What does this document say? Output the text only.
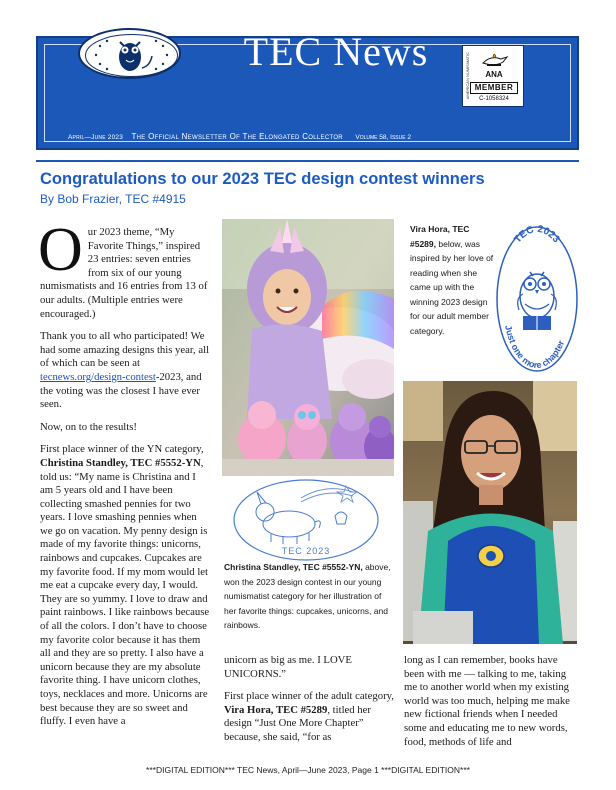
TEC News
AMERICAN NUMISMATIC	ANA
MEMBER
C-1058324
April—June 2023 The Official Newsletter Of The Elongated Collector Volume 58, Issue 2
Congratulations to our 2023 TEC design contest winners
By Bob Frazier, TEC #4915

Our 2023 theme, “My Favorite Things,” inspired 23 entries: seven entries from six of our young numismatists and 16 entries from 13 of our adults. (Multiple entries were encouraged.)

Thank you to all who participated! We had some amazing designs this year, all of which can be seen at tecnews.org/design-contest-2023, and the voting was the closest I have ever seen.

Now, on to the results!

First place winner of the YN category, Christina Standley, TEC #5552-YN, told us: “My name is Christina and I am 5 years old and I have been collecting smashed pennies for two years. I love smashing pennies when we go on vacation. My penny design is made of my favorite things: unicorns, rainbows and cupcakes. Cupcakes are my favorite food. If my mom would let me eat a cupcake every day, I would. They are so yummy. I love to draw and paint rainbows. I like rainbows because of all the colors. I don’t have to choose my favorite color because it has them all and they are so pretty. I also have a unicorn because they are my absolute favorite thing. I have unicorn clothes, toys, necklaces and more. Unicorns are best because they are so sweet and fluffy. I even have a

TEC 2023
Christina Standley, TEC #5552-YN, above, won the 2023 design contest in our young numismatist category for her illustration of her favorite things: cupcakes, unicorns, and rainbows.
Vira Hora, TEC #5289, below, was inspired by her love of reading when she came up with the winning 2023 design for our adult member category.
TEC 2023
Just one more chapter

unicorn as big as me. I LOVE UNICORNS.”

First place winner of the adult category, Vira Hora, TEC #5289, titled her design “Just One More Chapter” because, she said, “for as

long as I can remember, books have been with me — talking to me, taking me to another world when my existing world was too much, helping me make new fictional friends when I needed some and educating me to new words, food, methods of life and

***DIGITAL EDITION*** TEC News, April—June 2023, Page 1 ***DIGITAL EDITION***
